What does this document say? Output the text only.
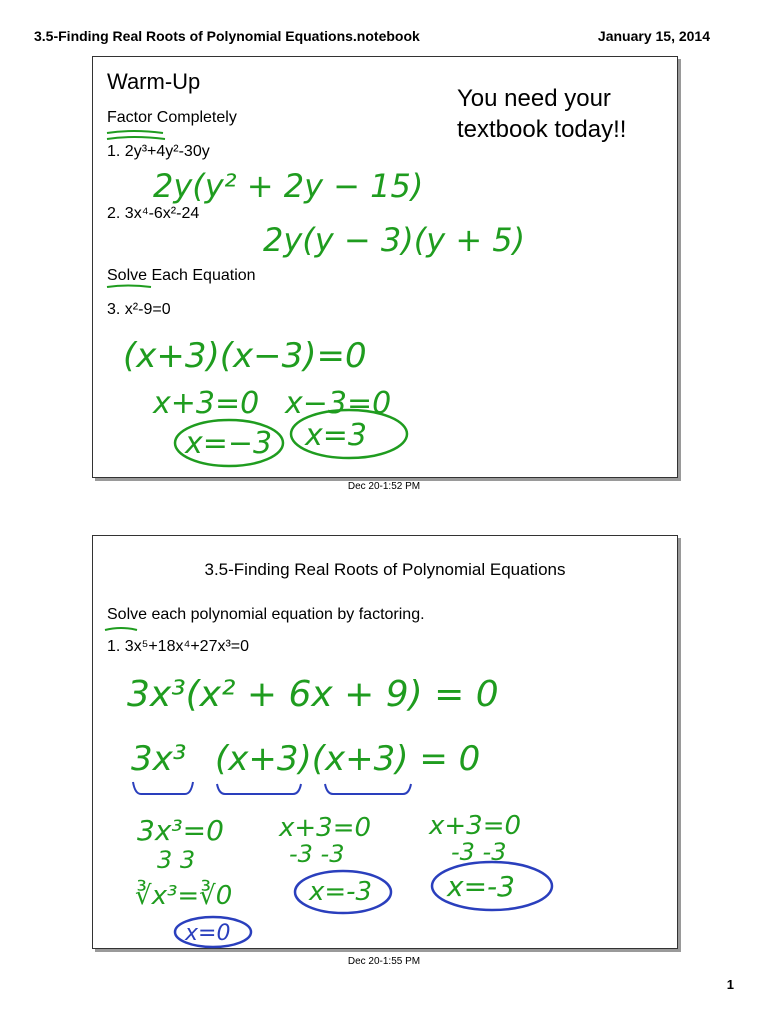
3.5-Finding Real Roots of Polynomial Equations.notebook	January 15, 2014
Warm-Up
You need your
textbook today!!
Factor Completely
1. 2y³+4y²-30y
2. 3x⁴-6x²-24
Solve Each Equation
3. x²-9=0
2y(y² + 2y − 15)
2y(y − 3)(y + 5)
(x+3)(x−3)=0
x+3=0 x−3=0
x=−3 x=3
Dec 20-1:52 PM
3.5-Finding Real Roots of Polynomial Equations
Solve each polynomial equation by factoring.
1. 3x⁵+18x⁴+27x³=0
3x³(x² + 6x + 9) = 0
3x³ (x+3)(x+3) = 0
3x³=0
3 3
∛x³=∛0
x=0
x+3=0
-3 -3
x=-3
x+3=0
-3 -3
x=-3
Dec 20-1:55 PM
1
